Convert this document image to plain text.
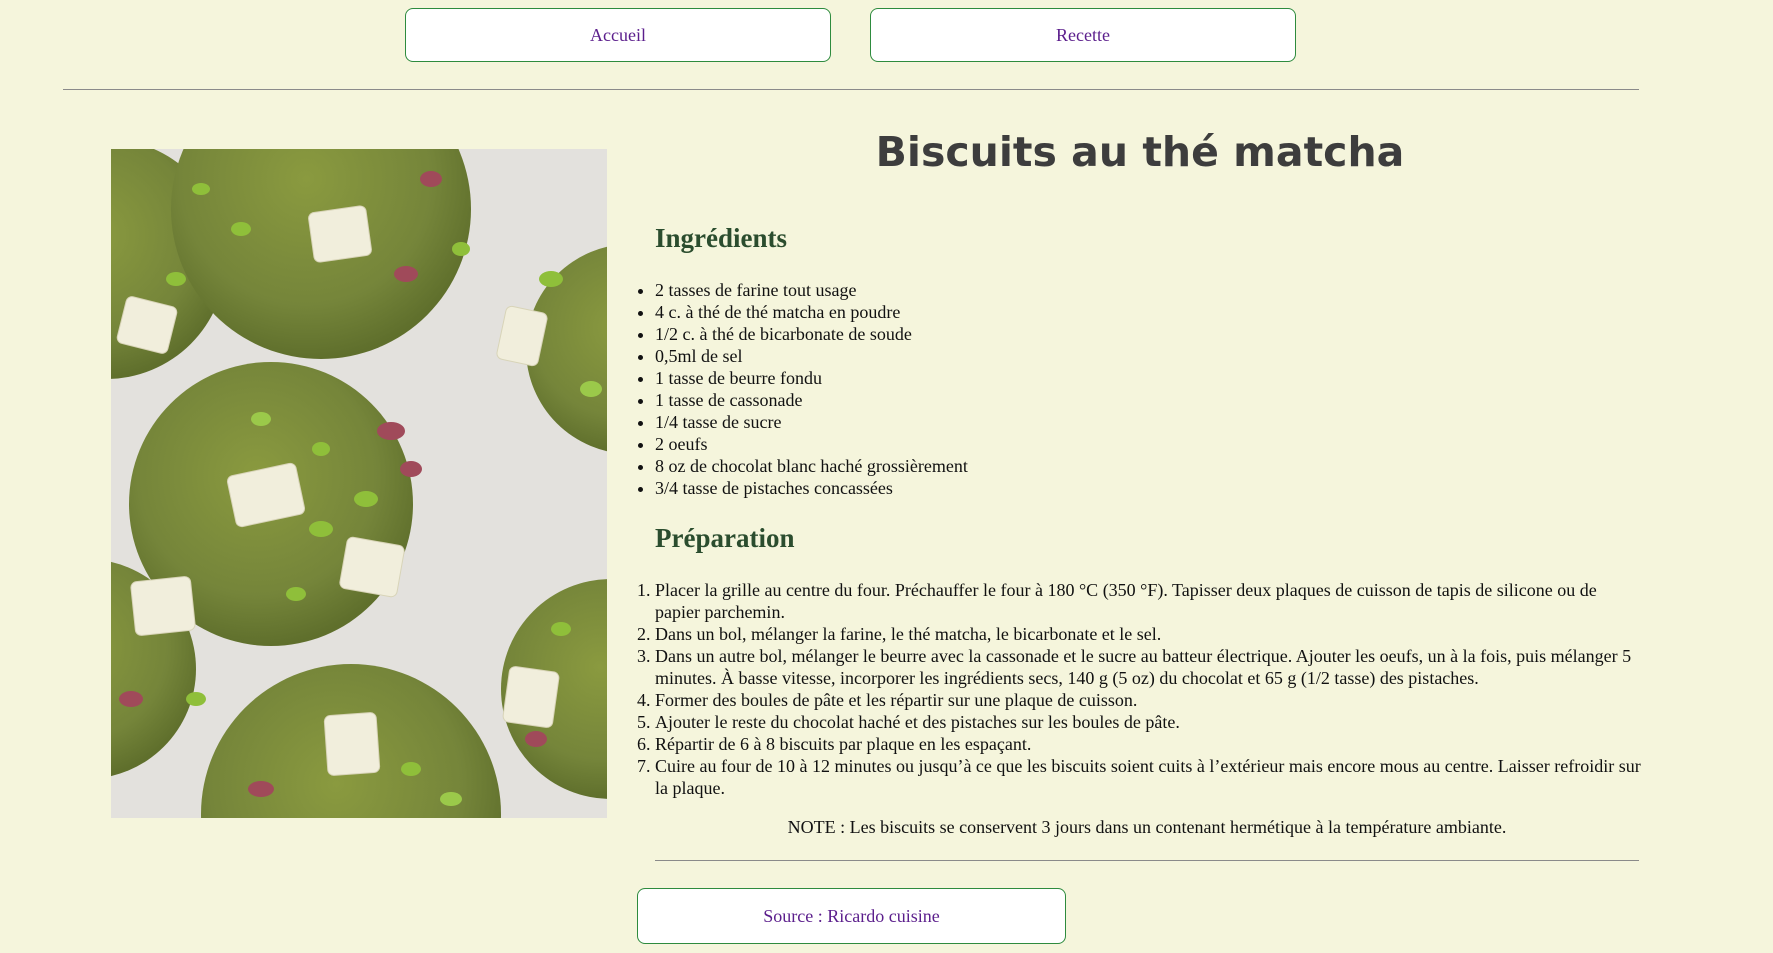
Accueil	Recette
Biscuits au thé matcha
Ingrédients
• 2 tasses de farine tout usage
• 4 c. à thé de thé matcha en poudre
• 1/2 c. à thé de bicarbonate de soude
• 0,5ml de sel
• 1 tasse de beurre fondu
• 1 tasse de cassonade
• 1/4 tasse de sucre
• 2 oeufs
• 8 oz de chocolat blanc haché grossièrement
• 3/4 tasse de pistaches concassées
Préparation
1. Placer la grille au centre du four. Préchauffer le four à 180 °C (350 °F). Tapisser deux plaques de cuisson de tapis de silicone ou de papier parchemin.
2. Dans un bol, mélanger la farine, le thé matcha, le bicarbonate et le sel.
3. Dans un autre bol, mélanger le beurre avec la cassonade et le sucre au batteur électrique. Ajouter les oeufs, un à la fois, puis mélanger 5 minutes. À basse vitesse, incorporer les ingrédients secs, 140 g (5 oz) du chocolat et 65 g (1/2 tasse) des pistaches.
4. Former des boules de pâte et les répartir sur une plaque de cuisson.
5. Ajouter le reste du chocolat haché et des pistaches sur les boules de pâte.
6. Répartir de 6 à 8 biscuits par plaque en les espaçant.
7. Cuire au four de 10 à 12 minutes ou jusqu’à ce que les biscuits soient cuits à l’extérieur mais encore mous au centre. Laisser refroidir sur la plaque.

NOTE : Les biscuits se conservent 3 jours dans un contenant hermétique à la température ambiante.

Source : Ricardo cuisine
